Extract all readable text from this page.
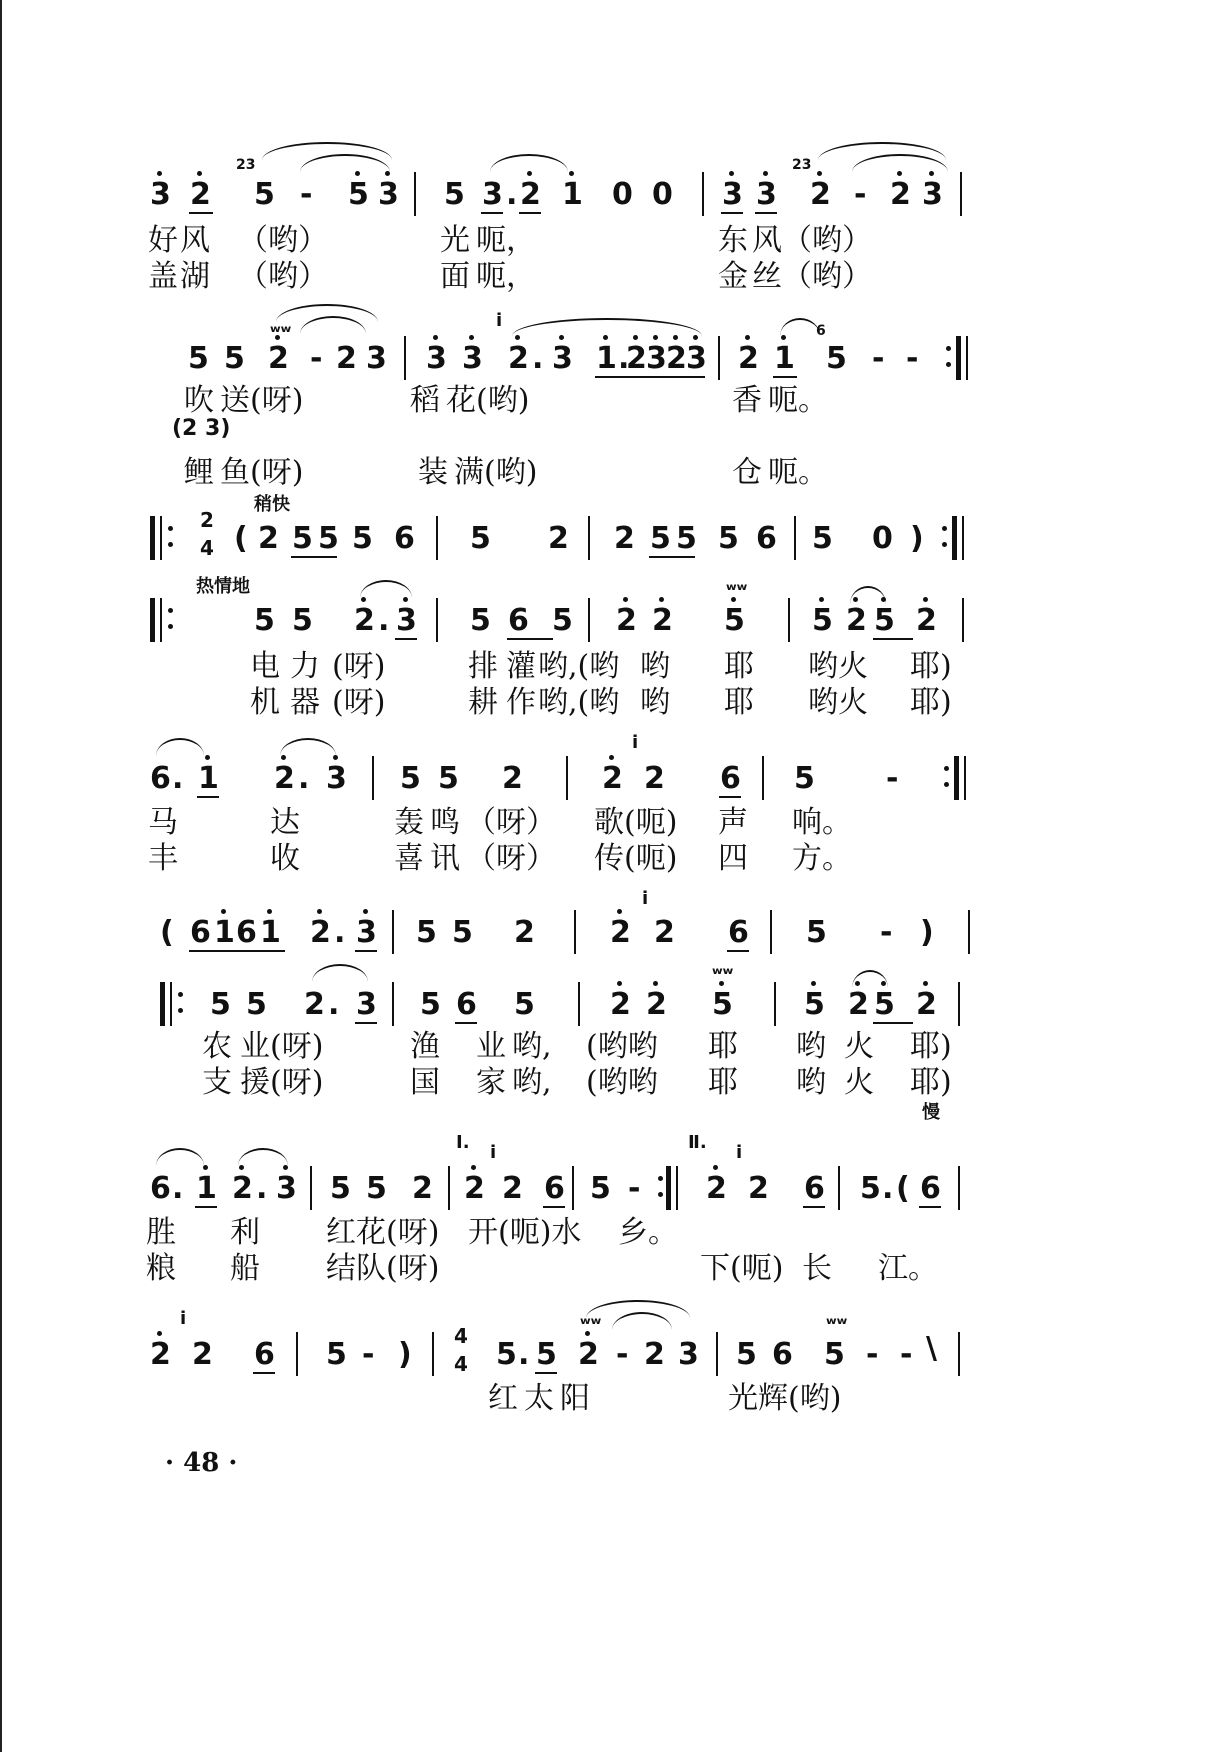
3 2
23
5 - 5 3 5 3 . 2 1 0 0 3 3
23
2 - 2 3
好 风 （哟）	光 呃，	东 风（哟）
盖 湖 （哟）	面 呃，	金 丝（哟）
5 5 2
ʷʷ
- 2 3 3 3
i
2 . 3 1 .
2 3 2 3 2 1
6
5 - -
吹 送(呀)	稻 花(哟)	香 呃。
(2 3)
鲤 鱼(呀)	装 满(哟)	仓 呃。
2
4
稍快
( 2 5 5 5 6 5 2 2 5 5 5 6 5 0 )
热情地
5 5 2 . 3 5 6 5 2 2 5
ʷʷ
5 2 5 2
电 力 (呀)	排 灌 哟,(哟 哟 耶 哟火 耶)
机 器 (呀)	耕 作 哟,(哟 哟 耶 哟火 耶)
6 . 1 2 . 3 5 5 2	2
i
2 6 5 -
马	达	轰 鸣 （呀） 歌(呃) 声 响。
丰	收	喜 讯 （呀） 传(呃) 四 方。
( 6 1 6 1 2 . 3 5 5 2	2
i
2 6 5 - )
5 5 2 . 3 5 6 5	2 2 5
ʷʷ
5 2 5 2
农 业(呀)	渔 业 哟, (哟哟 耶 哟 火 耶)
支 援(呀)	国 家 哟, (哟哟 耶 哟 火 耶)
慢
Ⅰ.	Ⅱ.
6 . 1 2 . 3 5 5 2 2
i
2 6 5 - 2
i
2 6 5 . ( 6
胜 利 红花(呀) 开(呃)水 乡。
粮 船 结队(呀)	下(呃) 长 江。
2
i
2 6 5 - )
4
4 5 . 5 2
ʷʷ
- 2 3 5 6 5
ʷʷ
- - \
红 太 阳	光辉(哟)
· 48 ·
